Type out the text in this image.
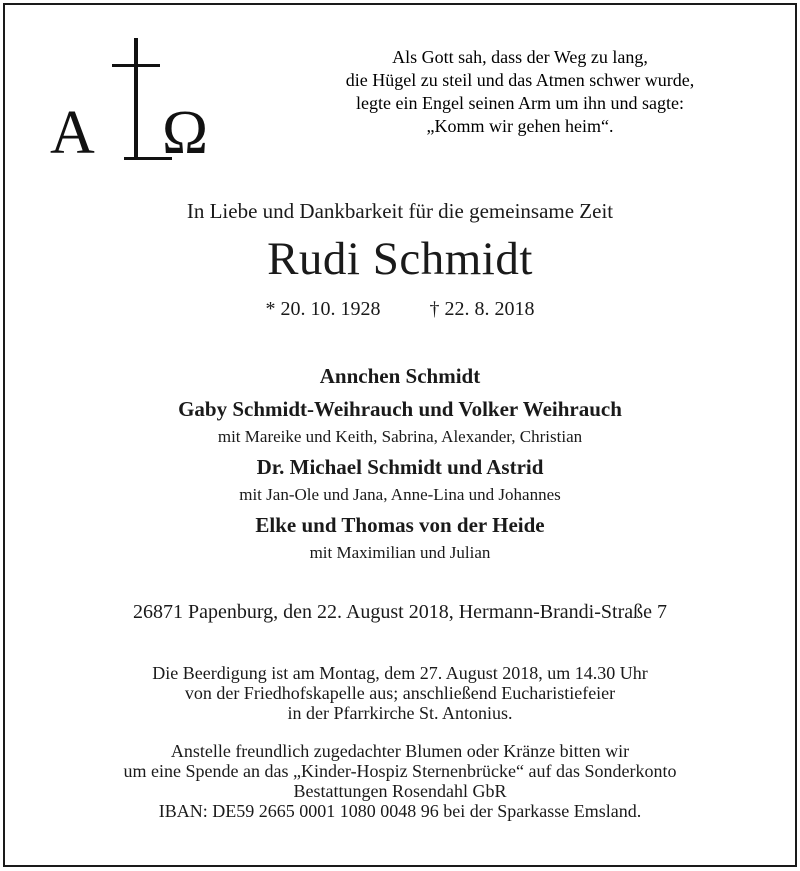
Α Ω
Als Gott sah, dass der Weg zu lang,
die Hügel zu steil und das Atmen schwer wurde,
legte ein Engel seinen Arm um ihn und sagte:
„Komm wir gehen heim“.
In Liebe und Dankbarkeit für die gemeinsame Zeit
Rudi Schmidt
* 20. 10. 1928 † 22. 8. 2018
Annchen Schmidt
Gaby Schmidt-Weihrauch und Volker Weihrauch
mit Mareike und Keith, Sabrina, Alexander, Christian
Dr. Michael Schmidt und Astrid
mit Jan-Ole und Jana, Anne-Lina und Johannes
Elke und Thomas von der Heide
mit Maximilian und Julian
26871 Papenburg, den 22. August 2018, Hermann-Brandi-Straße 7
Die Beerdigung ist am Montag, dem 27. August 2018, um 14.30 Uhr
von der Friedhofskapelle aus; anschließend Eucharistiefeier
in der Pfarrkirche St. Antonius.
Anstelle freundlich zugedachter Blumen oder Kränze bitten wir
um eine Spende an das „Kinder-Hospiz Sternenbrücke“ auf das Sonderkonto
Bestattungen Rosendahl GbR
IBAN: DE59 2665 0001 1080 0048 96 bei der Sparkasse Emsland.
